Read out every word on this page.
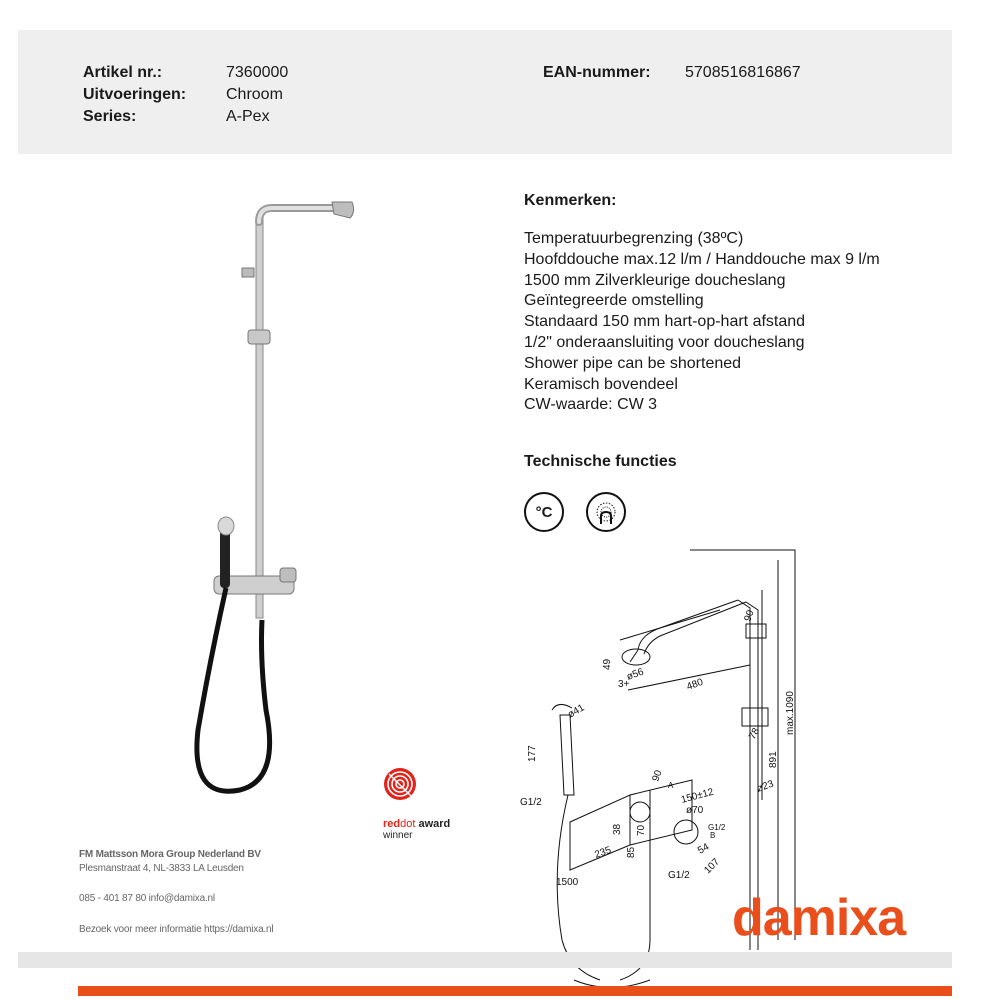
Artikel nr.:	7360000
Uitvoeringen: Chroom
Series:	A-Pex
EAN-nummer: 5708516816867
Kenmerken:
Temperatuurbegrenzing (38ºC)
Hoofddouche max.12 l/m / Handdouche max 9 l/m
1500 mm Zilverkleurige doucheslang
Geïntegreerde omstelling
Standaard 150 mm hart-op-hart afstand
1/2" onderaansluiting voor doucheslang
Shower pipe can be shortened
Keramisch bovendeel
CW-waarde: CW 3
Technische functies
°C
90
49
3+
ø56
480
max.1090
ø41
177	891
G1/2
78
90
ø23
150±12
ø70
G1/2
B
38
54
235 85
70
107
G1/2
1500
A
reddot award
winner
FM Mattsson Mora Group Nederland BV
Plesmanstraat 4, NL-3833 LA Leusden
085 - 401 87 80 info@damixa.nl
Bezoek voor meer informatie https://damixa.nl	damixa
